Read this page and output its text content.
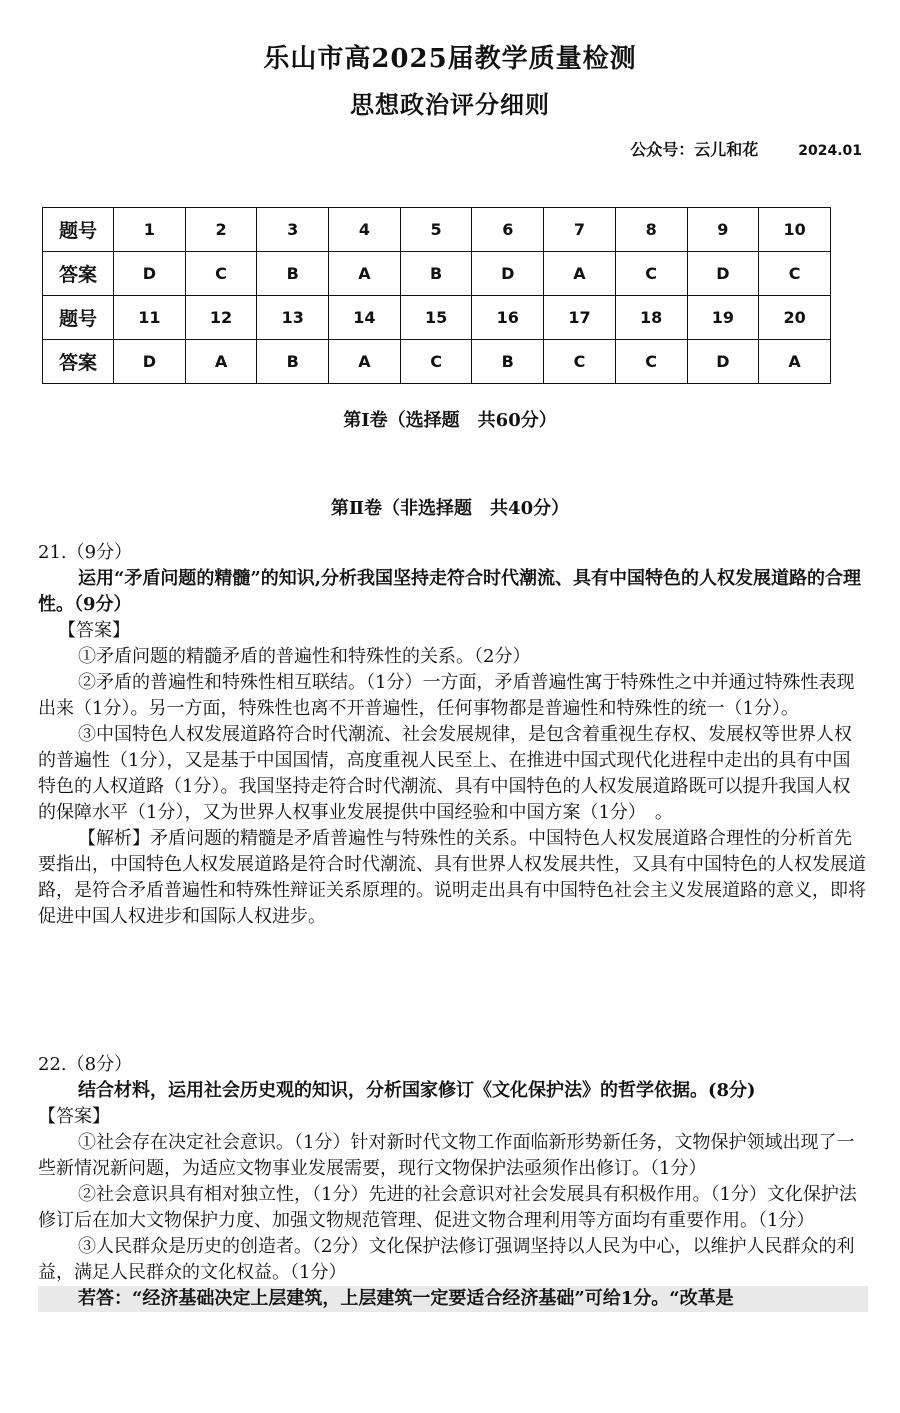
乐山市高2025届教学质量检测
思想政治评分细则
公众号：云儿和花	2024.01
题号	1	2	3	4	5	6	7	8	9	10
答案	D	C	B	A	B	D	A	C	D	C
题号	11	12	13	14	15	16	17	18	19	20
答案	D	A	B	A	C	B	C	C	D	A
第Ⅰ卷（选择题　共60分）
第Ⅱ卷（非选择题　共40分）

21.（9分）

运用“矛盾问题的精髓”的知识,分析我国坚持走符合时代潮流、具有中国特色的人权发展道路的合理性。（9分）

【答案】

①矛盾问题的精髓矛盾的普遍性和特殊性的关系。（2分）

②矛盾的普遍性和特殊性相互联结。（1分）一方面，矛盾普遍性寓于特殊性之中并通过特殊性表现出来（1分）。另一方面，特殊性也离不开普遍性，任何事物都是普遍性和特殊性的统一（1分）。

③中国特色人权发展道路符合时代潮流、社会发展规律，是包含着重视生存权、发展权等世界人权的普遍性（1分），又是基于中国国情，高度重视人民至上、在推进中国式现代化进程中走出的具有中国特色的人权道路（1分）。我国坚持走符合时代潮流、具有中国特色的人权发展道路既可以提升我国人权的保障水平（1分），又为世界人权事业发展提供中国经验和中国方案（1分）　。

【解析】矛盾问题的精髓是矛盾普遍性与特殊性的关系。中国特色人权发展道路合理性的分析首先要指出，中国特色人权发展道路是符合时代潮流、具有世界人权发展共性，又具有中国特色的人权发展道路，是符合矛盾普遍性和特殊性辩证关系原理的。说明走出具有中国特色社会主义发展道路的意义，即将促进中国人权进步和国际人权进步。

22.（8分）

结合材料，运用社会历史观的知识，分析国家修订《文化保护法》的哲学依据。(8分)

【答案】

①社会存在决定社会意识。（1分）针对新时代文物工作面临新形势新任务，文物保护领域出现了一些新情况新问题，为适应文物事业发展需要，现行文物保护法亟须作出修订。（1分）

②社会意识具有相对独立性，（1分）先进的社会意识对社会发展具有积极作用。（1分）文化保护法修订后在加大文物保护力度、加强文物规范管理、促进文物合理利用等方面均有重要作用。（1分）

③人民群众是历史的创造者。（2分）文化保护法修订强调坚持以人民为中心，以维护人民群众的利益，满足人民群众的文化权益。（1分）

若答：“经济基础决定上层建筑，上层建筑一定要适合经济基础”可给1分。“改革是
